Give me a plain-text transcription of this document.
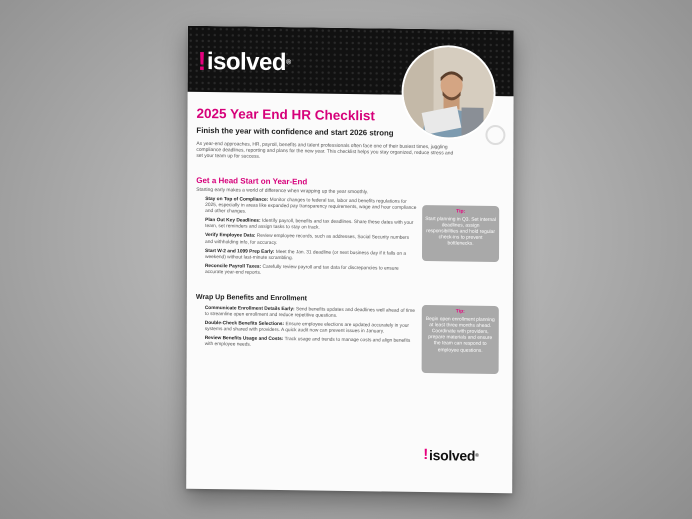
! isolved ®
2025 Year End HR Checklist
Finish the year with confidence and start 2026 strong
As year-end approaches, HR, payroll, benefits and talent professionals often face one of their busiest times, juggling compliance deadlines, reporting and plans for the new year. This checklist helps you stay organized, reduce stress and set your team up for success.
Get a Head Start on Year-End
Starting early makes a world of difference when wrapping up the year smoothly.
Stay on Top of Compliance: Monitor changes to federal tax, labor and benefits regulations for 2025, especially in areas like expanded pay transparency requirements, wage and hour compliance and other changes.
Plan Out Key Deadlines: Identify payroll, benefits and tax deadlines. Share these dates with your team, set reminders and assign tasks to stay on track.
Verify Employee Data: Review employee records, such as addresses, Social Security numbers and withholding info, for accuracy.
Start W-2 and 1099 Prep Early: Meet the Jan. 31 deadline (or next business day if it falls on a weekend) without last-minute scrambling.
Reconcile Payroll Taxes: Carefully review payroll and tax data for discrepancies to ensure accurate year-end reports.
Tip:
Start planning in Q3. Set internal deadlines, assign responsibilities and hold regular check-ins to prevent bottlenecks.
Wrap Up Benefits and Enrollment
Communicate Enrollment Details Early: Send benefits updates and deadlines well ahead of time to streamline open enrollment and reduce repetitive questions.
Double-Check Benefits Selections: Ensure employee elections are updated accurately in your systems and shared with providers. A quick audit now can prevent issues in January.
Review Benefits Usage and Costs: Track usage and trends to manage costs and align benefits with employee needs.
Tip:
Begin open enrollment planning at least three months ahead. Coordinate with providers, prepare materials and ensure the team can respond to employee questions.
! isolved ®
